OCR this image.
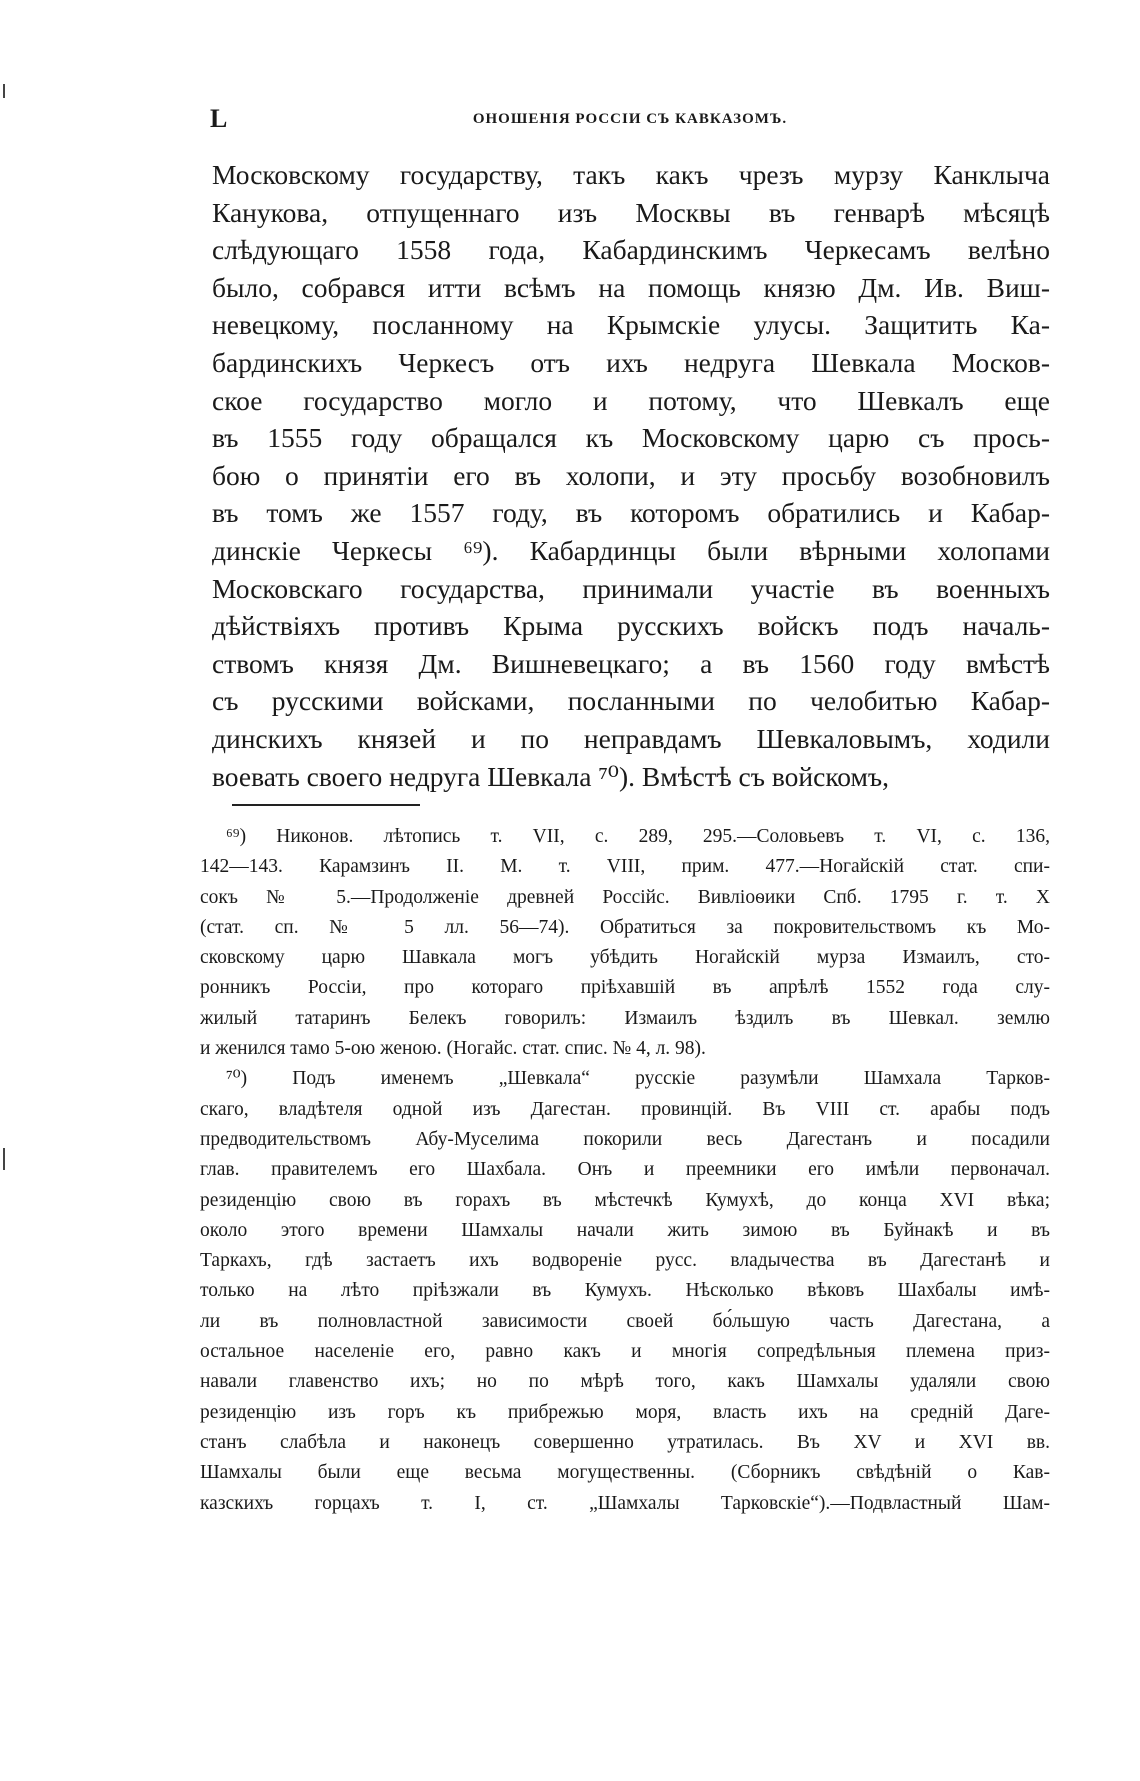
L	ОНОШЕНІЯ РОССІИ СЪ КАВКАЗОМЪ.
Московскому государству, такъ какъ чрезъ мурзу Канклыча
Канукова, отпущеннаго изъ Москвы въ генварѣ мѣсяцѣ
слѣдующаго 1558 года, Кабардинскимъ Черкесамъ велѣно
было, собрався итти всѣмъ на помощь князю Дм. Ив. Виш-
невецкому, посланному на Крымскіе улусы. Защитить Ка-
бардинскихъ Черкесъ отъ ихъ недруга Шевкала Москов-
ское государство могло и потому, что Шевкалъ еще
въ 1555 году обращался къ Московскому царю съ прось-
бою о принятіи его въ холопи, и эту просьбу возобновилъ
въ томъ же 1557 году, въ которомъ обратились и Кабар-
динскіе Черкесы ⁶⁹). Кабардинцы были вѣрными холопами
Московскаго государства, принимали участіе въ военныхъ
дѣйствіяхъ противъ Крыма русскихъ войскъ подъ началь-
ствомъ князя Дм. Вишневецкаго; а въ 1560 году вмѣстѣ
съ русскими войсками, посланными по челобитью Кабар-
динскихъ князей и по неправдамъ Шевкаловымъ, ходили
воевать своего недруга Шевкала ⁷⁰). Вмѣстѣ съ войскомъ,
⁶⁹) Никонов. лѣтопись т. VII, с. 289, 295.—Соловьевъ т. VI, с. 136,
142—143. Карамзинъ II. М. т. VIII, прим. 477.—Ногайскій стат. спи-
сокъ № 5.—Продолженіе древней Россійс. Вивліоѳики Спб. 1795 г. т. X
(стат. сп. № 5 лл. 56—74). Обратиться за покровительствомъ къ Мо-
сковскому царю Шавкала могъ убѣдить Ногайскій мурза Измаилъ, сто-
ронникъ Россіи, про котораго пріѣхавшій въ апрѣлѣ 1552 года слу-
жилый татаринъ Белекъ говорилъ: Измаилъ ѣздилъ въ Шевкал. землю
и женился тамо 5-ою женою. (Ногайс. стат. спис. № 4, л. 98).
⁷⁰) Подъ именемъ „Шевкала“ русскіе разумѣли Шамхала Тарков-
скаго, владѣтеля одной изъ Дагестан. провинцій. Въ VIII ст. арабы подъ
предводительствомъ Абу-Муселима покорили весь Дагестанъ и посадили
глав. правителемъ его Шахбала. Онъ и преемники его имѣли первоначал.
резиденцію свою въ горахъ въ мѣстечкѣ Кумухѣ, до конца XVI вѣка;
около этого времени Шамхалы начали жить зимою въ Буйнакѣ и въ
Таркахъ, гдѣ застаетъ ихъ водвореніе русс. владычества въ Дагестанѣ и
только на лѣто пріѣзжали въ Кумухъ. Нѣсколько вѣковъ Шахбалы имѣ-
ли въ полновластной зависимости своей бо́льшую часть Дагестана, а
остальное населеніе его, равно какъ и многія сопредѣльныя племена приз-
навали главенство ихъ; но по мѣрѣ того, какъ Шамхалы удаляли свою
резиденцію изъ горъ къ прибрежью моря, власть ихъ на средній Даге-
станъ слабѣла и наконецъ совершенно утратилась. Въ XV и XVI вв.
Шамхалы были еще весьма могущественны. (Сборникъ свѣдѣній о Кав-
казскихъ горцахъ т. I, ст. „Шамхалы Тарковскіе“).—Подвластный Шам-
